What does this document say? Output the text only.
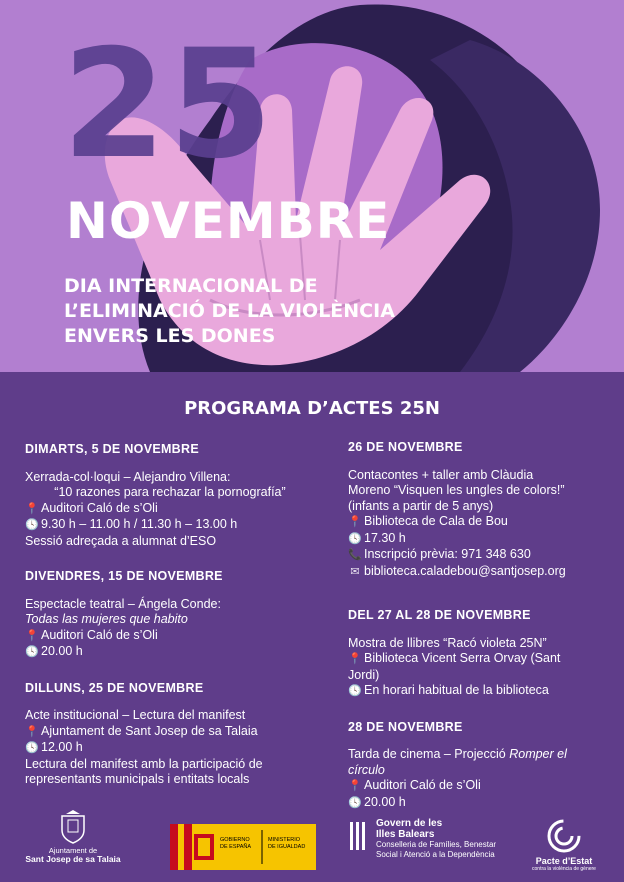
25
NOVEMBRE
DIA INTERNACIONAL DE
L’ELIMINACIÓ DE LA VIOLÈNCIA
ENVERS LES DONES
PROGRAMA D’ACTES 25N
DIMARTS, 5 DE NOVEMBRE
Xerrada-col·loqui – Alejandro Villena:
“10 razones para rechazar la pornografía”
📍 Auditori Caló de s’Oli
🕓 9.30 h – 11.00 h / 11.30 h – 13.00 h
Sessió adreçada a alumnat d’ESO
DIVENDRES, 15 DE NOVEMBRE
Espectacle teatral – Ángela Conde:
Todas las mujeres que habito
📍 Auditori Caló de s’Oli
🕓 20.00 h
DILLUNS, 25 DE NOVEMBRE
Acte institucional – Lectura del manifest
📍 Ajuntament de Sant Josep de sa Talaia
🕓 12.00 h
Lectura del manifest amb la participació de
representants municipals i entitats locals
26 DE NOVEMBRE
Contacontes + taller amb Clàudia
Moreno “Visquen les ungles de colors!”
(infants a partir de 5 anys)
📍 Biblioteca de Cala de Bou
🕓 17.30 h
📞 Inscripció prèvia: 971 348 630
✉ biblioteca.caladebou@santjosep.org
DEL 27 AL 28 DE NOVEMBRE
Mostra de llibres “Racó violeta 25N”
📍 Biblioteca Vicent Serra Orvay (Sant
Jordi)
🕓 En horari habitual de la biblioteca
28 DE NOVEMBRE
Tarda de cinema – Projecció Romper el
círculo
📍 Auditori Caló de s’Oli
🕓 20.00 h
Ajuntament de
Sant Josep de sa Talaia
GOBIERNO
DE ESPAÑA
MINISTERIO
DE IGUALDAD
Govern de les
Illes Balears
Conselleria de Famílies, Benestar
Social i Atenció a la Dependència
Pacte d’Estat
contra la violència de gènere
